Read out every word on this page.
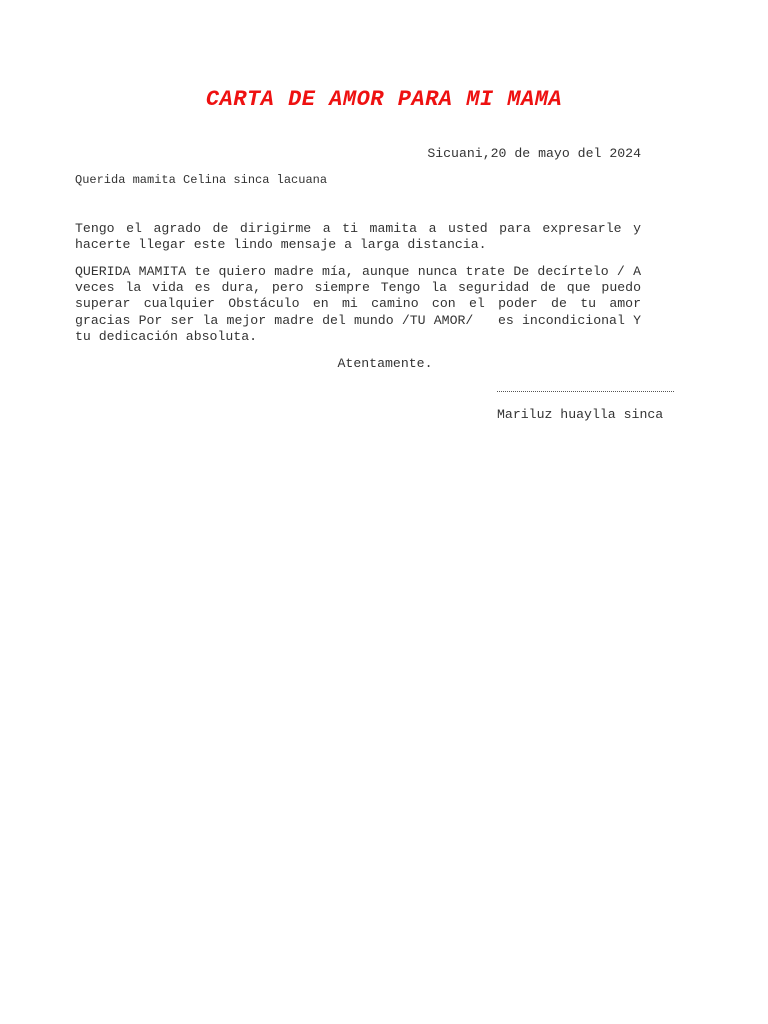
CARTA DE AMOR PARA MI MAMA
Sicuani,20 de mayo del 2024
Querida mamita Celina sinca lacuana

Tengo el agrado de dirigirme a ti mamita a usted para expresarle y hacerte llegar este lindo mensaje a larga distancia.

QUERIDA MAMITA te quiero madre mía, aunque nunca trate De decírtelo / A veces la vida es dura, pero siempre Tengo la seguridad de que puedo superar cualquier Obstáculo en mi camino con el poder de tu amor gracias Por ser la mejor madre del mundo /TU AMOR/   es incondicional Y tu dedicación absoluta.

Atentamente.
Mariluz huaylla sinca
